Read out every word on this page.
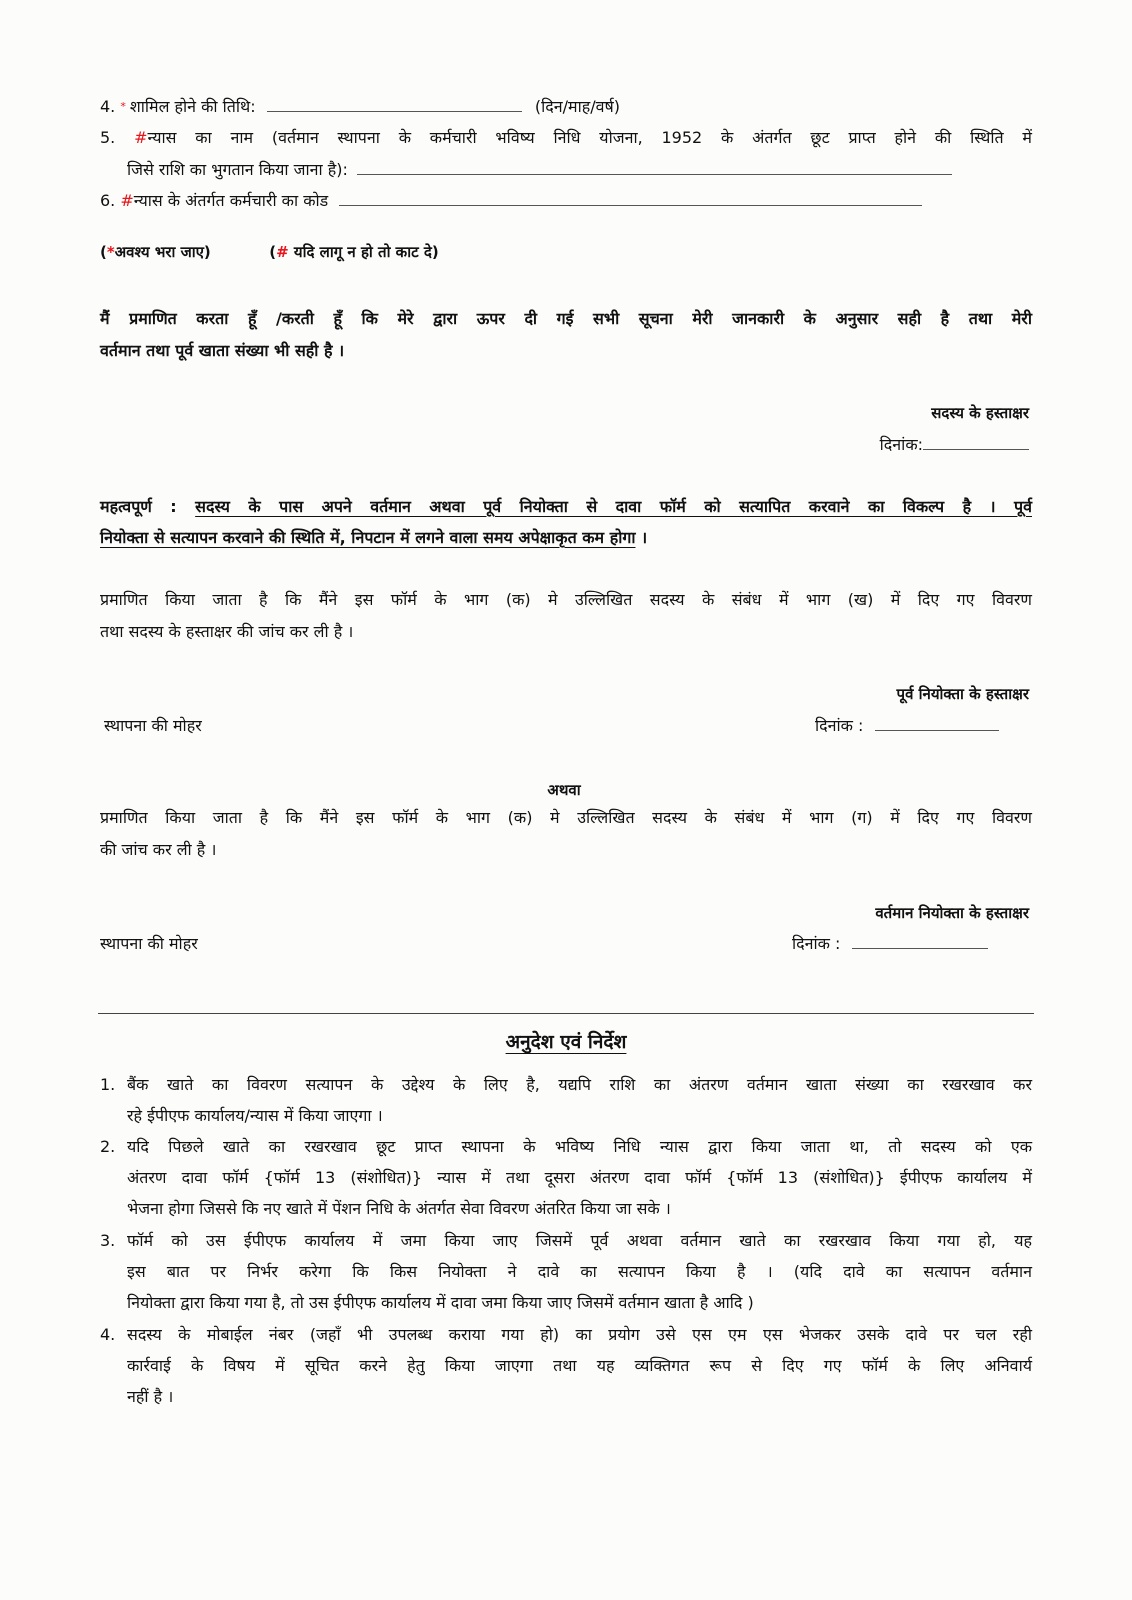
4. * शामिल होने की तिथि:	(दिन/माह/वर्ष)
5. #न्यास का नाम (वर्तमान स्थापना के कर्मचारी भविष्य निधि योजना, 1952 के अंतर्गत छूट प्राप्त होने की स्थिति में
जिसे राशि का भुगतान किया जाना है):
6. #न्यास के अंतर्गत कर्मचारी का कोड
(*अवश्य भरा जाए)	(# यदि लागू न हो तो काट दे)
मैं प्रमाणित करता हूँ /करती हूँ कि मेरे द्वारा ऊपर दी गई सभी सूचना मेरी जानकारी के अनुसार सही है तथा मेरी
वर्तमान तथा पूर्व खाता संख्या भी सही है ।
सदस्य के हस्ताक्षर
दिनांक:
महत्वपूर्ण : सदस्य के पास अपने वर्तमान अथवा पूर्व नियोक्ता से दावा फॉर्म को सत्यापित करवाने का विकल्प है । पूर्व
नियोक्ता से सत्यापन करवाने की स्थिति में, निपटान में लगने वाला समय अपेक्षाकृत कम होगा ।
प्रमाणित किया जाता है कि मैंने इस फॉर्म के भाग (क) मे उल्लिखित सदस्य के संबंध में भाग (ख) में दिए गए विवरण
तथा सदस्य के हस्ताक्षर की जांच कर ली है ।
पूर्व नियोक्ता के हस्ताक्षर
स्थापना की मोहर	दिनांक :
अथवा
प्रमाणित किया जाता है कि मैंने इस फॉर्म के भाग (क) मे उल्लिखित सदस्य के संबंध में भाग (ग) में दिए गए विवरण
की जांच कर ली है ।
वर्तमान नियोक्ता के हस्ताक्षर
स्थापना की मोहर	दिनांक :
अनुदेश एवं निर्देश
1. बैंक खाते का विवरण सत्यापन के उद्देश्य के लिए है, यद्यपि राशि का अंतरण वर्तमान खाता संख्या का रखरखाव कर
रहे ईपीएफ कार्यालय/न्यास में किया जाएगा ।
2. यदि पिछले खाते का रखरखाव छूट प्राप्त स्थापना के भविष्य निधि न्यास द्वारा किया जाता था, तो सदस्य को एक
अंतरण दावा फॉर्म {फॉर्म 13 (संशोधित)} न्यास में तथा दूसरा अंतरण दावा फॉर्म {फॉर्म 13 (संशोधित)} ईपीएफ कार्यालय में
भेजना होगा जिससे कि नए खाते में पेंशन निधि के अंतर्गत सेवा विवरण अंतरित किया जा सके ।
3. फॉर्म को उस ईपीएफ कार्यालय में जमा किया जाए जिसमें पूर्व अथवा वर्तमान खाते का रखरखाव किया गया हो, यह
इस बात पर निर्भर करेगा कि किस नियोक्ता ने दावे का सत्यापन किया है । (यदि दावे का सत्यापन वर्तमान
नियोक्ता द्वारा किया गया है, तो उस ईपीएफ कार्यालय में दावा जमा किया जाए जिसमें वर्तमान खाता है आदि )
4. सदस्य के मोबाईल नंबर (जहाँ भी उपलब्ध कराया गया हो) का प्रयोग उसे एस एम एस भेजकर उसके दावे पर चल रही
कार्रवाई के विषय में सूचित करने हेतु किया जाएगा तथा यह व्यक्तिगत रूप से दिए गए फॉर्म के लिए अनिवार्य
नहीं है ।
